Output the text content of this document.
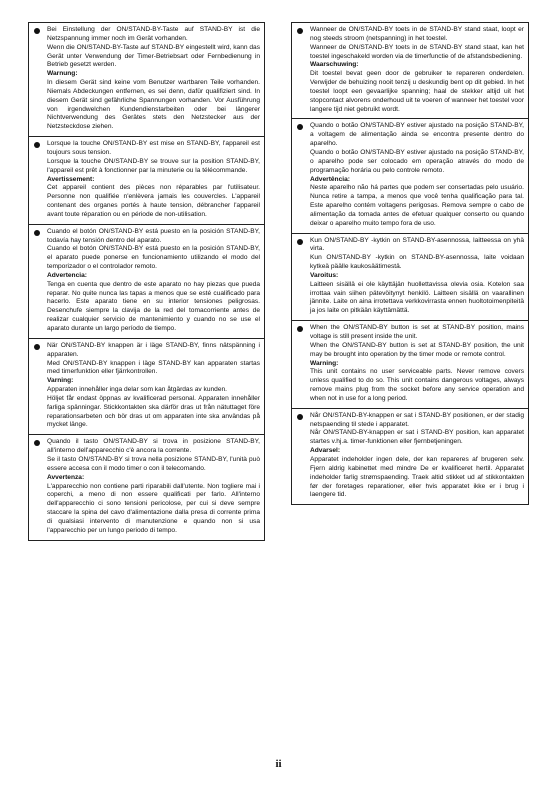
Bei Einstellung der ON/STAND-BY-Taste auf STAND-BY ist die Netzspannung immer noch im Gerät vorhanden.
Wenn die ON/STAND-BY-Taste auf STAND-BY eingestellt wird, kann das Gerät unter Verwendung der Timer-Betriebsart oder Fernbedienung in Betrieb gesetzt werden.

Warnung:

In diesem Gerät sind keine vom Benutzer wartbaren Teile vorhanden. Niemals Abdeckungen entfernen, es sei denn, dafür qualifiziert sind. In diesem Gerät sind gefährliche Spannungen vorhanden. Vor Ausführung von irgendwelchen Kundendienstarbeiten oder bei längerer Nichtverwendung des Gerätes stets den Netzstecker aus der Netzsteckdose ziehen.

Lorsque la touche ON/STAND-BY est mise en STAND-BY, l'appareil est toujours sous tension.
Lorsque la touche ON/STAND-BY se trouve sur la position STAND-BY, l'appareil est prêt à fonctionner par la minuterie ou la télécommande.

Avertissement:

Cet appareil contient des pièces non réparables par l'utilisateur. Personne non qualifiée n'enlèvera jamais les couvercles. L'appareil contenant des organes portés à haute tension, débrancher l'appareil avant toute réparation ou en période de non-utilisation.

Cuando el botón ON/STAND-BY está puesto en la posición STAND-BY, todavía hay tensión dentro del aparato.
Cuando el botón ON/STAND-BY está puesto en la posición STAND-BY, el aparato puede ponerse en funcionamiento utilizando el modo del temporizador o el controlador remoto.

Advertencia:

Tenga en cuenta que dentro de este aparato no hay piezas que pueda reparar. No quite nunca las tapas a menos que se esté cualificado para hacerlo. Este aparato tiene en su interior tensiones peligrosas. Desenchufe siempre la clavija de la red del tomacorriente antes de realizar cualquier servicio de mantenimiento y cuando no se use el aparato durante un largo período de tiempo.

När ON/STAND-BY knappen är i läge STAND-BY, finns nätspänning i apparaten.
Med ON/STAND-BY knappen i läge STAND-BY kan apparaten startas med timerfunktion eller fjärrkontrollen.

Varning:

Apparaten innehåller inga delar som kan åtgärdas av kunden.
Höljet får endast öppnas av kvalificerad personal. Apparaten innehåller farliga spänningar. Stickkontakten ska därför dras ut från nätuttaget före reparationsarbeten och bör dras ut om apparaten inte ska användas på mycket länge.

Quando il tasto ON/STAND-BY si trova in posizione STAND-BY, all'interno dell'apparecchio c'è ancora la corrente.
Se il tasto ON/STAND-BY si trova nella posizione STAND-BY, l'unità può essere accesa con il modo timer o con il telecomando.

Avvertenza:

L'apparecchio non contiene parti riparabili dall'utente. Non togliere mai i coperchi, a meno di non essere qualificati per farlo. All'interno dell'apparecchio ci sono tensioni pericolose, per cui si deve sempre staccare la spina del cavo d'alimentazione dalla presa di corrente prima di qualsiasi intervento di manutenzione e quando non si usa l'apparecchio per un lungo periodo di tempo.

Wanneer de ON/STAND-BY toets in de STAND-BY stand staat, loopt er nog steeds stroom (netspanning) in het toestel.
Wanneer de ON/STAND-BY toets in de STAND-BY stand staat, kan het toestel ingeschakeld worden via de timerfunctie of de afstandsbediening.

Waarschuwing:

Dit toestel bevat geen door de gebruiker te repareren onderdelen. Verwijder de behuizing nooit tenzij u deskundig bent op dit gebied. In het toestel loopt een gevaarlijke spanning; haal de stekker altijd uit het stopcontact alvorens onderhoud uit te voeren of wanneer het toestel voor langere tijd niet gebruikt wordt.

Quando o botão ON/STAND-BY estiver ajustado na posição STAND-BY, a voltagem de alimentação ainda se encontra presente dentro do aparelho.
Quando o botão ON/STAND-BY estiver ajustado na posição STAND-BY, o aparelho pode ser colocado em operação através do modo de programação horária ou pelo controle remoto.

Advertência:

Neste aparelho não há partes que podem ser consertadas pelo usuário. Nunca retire a tampa, a menos que você tenha qualificação para tal. Este aparelho contém voltagens perigosas. Remova sempre o cabo de alimentação da tomada antes de efetuar qualquer conserto ou quando deixar o aparelho muito tempo fora de uso.

Kun ON/STAND-BY -kytkin on STAND-BY-asennossa, laitteessa on yhä virta.
Kun ON/STAND-BY -kytkin on STAND-BY-asennossa, laite voidaan kytkeä päälle kaukosäätimestä.

Varoitus:

Laitteen sisällä ei ole käyttäjän huollettavissa olevia osia. Kotelon saa irrottaa vain siihen pätevöitynyt henkilö. Laitteen sisällä on vaarallinen jännite. Laite on aina irrotettava verkkovirrasta ennen huoltotoimenpiteitä ja jos laite on pitkään käyttämättä.

When the ON/STAND-BY button is set at STAND-BY position, mains voltage is still present inside the unit.
When the ON/STAND-BY button is set at STAND-BY position, the unit may be brought into operation by the timer mode or remote control.

Warning:

This unit contains no user serviceable parts. Never remove covers unless qualified to do so. This unit contains dangerous voltages, always remove mains plug from the socket before any service operation and when not in use for a long period.

Når ON/STAND-BY-knappen er sat i STAND-BY positionen, er der stadig netspaending til stede i apparatet.
Når ON/STAND-BY-knappen er sat i STAND-BY position, kan apparatet startes v.hj.a. timer-funktionen eller fjernbetjeningen.

Advarsel:

Apparatet indeholder ingen dele, der kan repareres af brugeren selv. Fjern aldrig kabinettet med mindre De er kvalificeret hertil. Apparatet indeholder farlig strømspaending. Traek altid stikket ud af stikkontakten før der foretages reparationer, eller hvis apparatet ikke er i brug i laengere tid.

ii
